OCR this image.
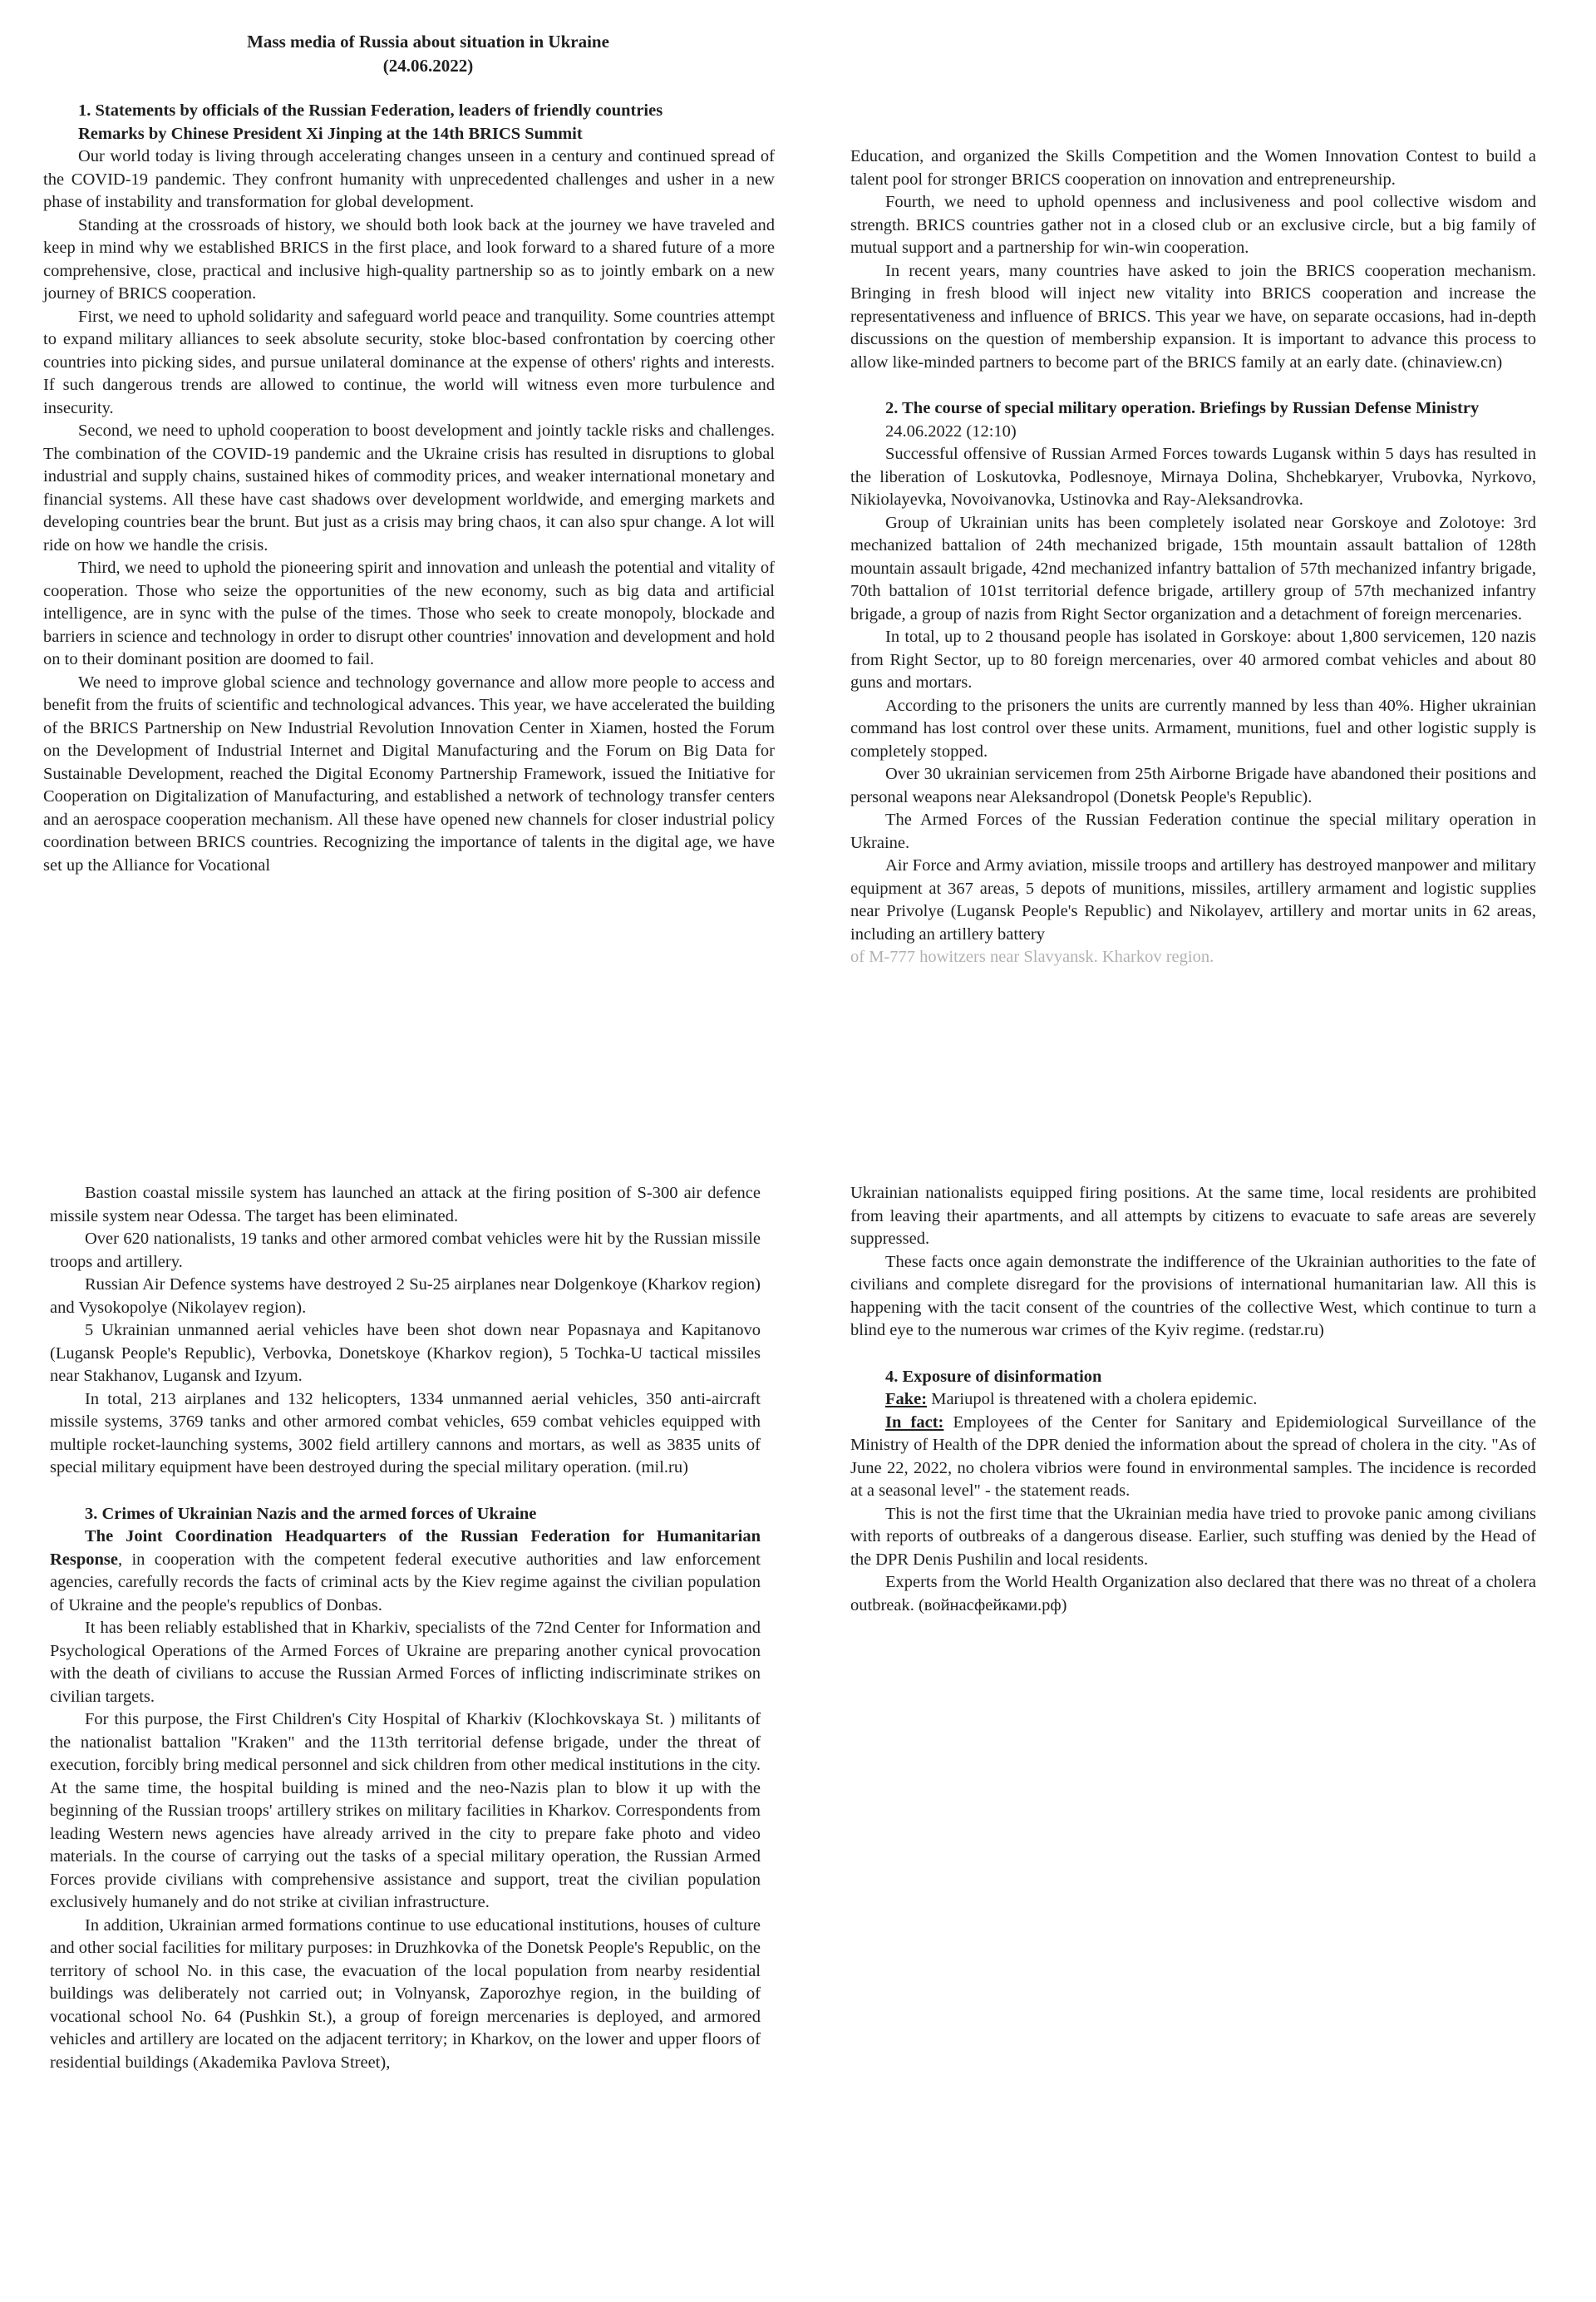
Mass media of Russia about situation in Ukraine
(24.06.2022)
1. Statements by officials of the Russian Federation, leaders of friendly countries
Remarks by Chinese President Xi Jinping at the 14th BRICS Summit

Our world today is living through accelerating changes unseen in a century and continued spread of the COVID-19 pandemic. They confront humanity with unprecedented challenges and usher in a new phase of instability and transformation for global development.

Standing at the crossroads of history, we should both look back at the journey we have traveled and keep in mind why we established BRICS in the first place, and look forward to a shared future of a more comprehensive, close, practical and inclusive high-quality partnership so as to jointly embark on a new journey of BRICS cooperation.

First, we need to uphold solidarity and safeguard world peace and tranquility. Some countries attempt to expand military alliances to seek absolute security, stoke bloc-based confrontation by coercing other countries into picking sides, and pursue unilateral dominance at the expense of others' rights and interests. If such dangerous trends are allowed to continue, the world will witness even more turbulence and insecurity.

Second, we need to uphold cooperation to boost development and jointly tackle risks and challenges. The combination of the COVID-19 pandemic and the Ukraine crisis has resulted in disruptions to global industrial and supply chains, sustained hikes of commodity prices, and weaker international monetary and financial systems. All these have cast shadows over development worldwide, and emerging markets and developing countries bear the brunt. But just as a crisis may bring chaos, it can also spur change. A lot will ride on how we handle the crisis.

Third, we need to uphold the pioneering spirit and innovation and unleash the potential and vitality of cooperation. Those who seize the opportunities of the new economy, such as big data and artificial intelligence, are in sync with the pulse of the times. Those who seek to create monopoly, blockade and barriers in science and technology in order to disrupt other countries' innovation and development and hold on to their dominant position are doomed to fail.

We need to improve global science and technology governance and allow more people to access and benefit from the fruits of scientific and technological advances. This year, we have accelerated the building of the BRICS Partnership on New Industrial Revolution Innovation Center in Xiamen, hosted the Forum on the Development of Industrial Internet and Digital Manufacturing and the Forum on Big Data for Sustainable Development, reached the Digital Economy Partnership Framework, issued the Initiative for Cooperation on Digitalization of Manufacturing, and established a network of technology transfer centers and an aerospace cooperation mechanism. All these have opened new channels for closer industrial policy coordination between BRICS countries. Recognizing the importance of talents in the digital age, we have set up the Alliance for Vocational

Education, and organized the Skills Competition and the Women Innovation Contest to build a talent pool for stronger BRICS cooperation on innovation and entrepreneurship.

Fourth, we need to uphold openness and inclusiveness and pool collective wisdom and strength. BRICS countries gather not in a closed club or an exclusive circle, but a big family of mutual support and a partnership for win-win cooperation.

In recent years, many countries have asked to join the BRICS cooperation mechanism. Bringing in fresh blood will inject new vitality into BRICS cooperation and increase the representativeness and influence of BRICS. This year we have, on separate occasions, had in-depth discussions on the question of membership expansion. It is important to advance this process to allow like-minded partners to become part of the BRICS family at an early date. (chinaview.cn)

2. The course of special military operation. Briefings by Russian Defense Ministry

24.06.2022 (12:10)

Successful offensive of Russian Armed Forces towards Lugansk within 5 days has resulted in the liberation of Loskutovka, Podlesnoye, Mirnaya Dolina, Shchebkaryer, Vrubovka, Nyrkovo, Nikiolayevka, Novoivanovka, Ustinovka and Ray-Aleksandrovka.

Group of Ukrainian units has been completely isolated near Gorskoye and Zolotoye: 3rd mechanized battalion of 24th mechanized brigade, 15th mountain assault battalion of 128th mountain assault brigade, 42nd mechanized infantry battalion of 57th mechanized infantry brigade, 70th battalion of 101st territorial defence brigade, artillery group of 57th mechanized infantry brigade, a group of nazis from Right Sector organization and a detachment of foreign mercenaries.

In total, up to 2 thousand people has isolated in Gorskoye: about 1,800 servicemen, 120 nazis from Right Sector, up to 80 foreign mercenaries, over 40 armored combat vehicles and about 80 guns and mortars.

According to the prisoners the units are currently manned by less than 40%. Higher ukrainian command has lost control over these units. Armament, munitions, fuel and other logistic supply is completely stopped.

Over 30 ukrainian servicemen from 25th Airborne Brigade have abandoned their positions and personal weapons near Aleksandropol (Donetsk People's Republic).

The Armed Forces of the Russian Federation continue the special military operation in Ukraine.

Air Force and Army aviation, missile troops and artillery has destroyed manpower and military equipment at 367 areas, 5 depots of munitions, missiles, artillery armament and logistic supplies near Privolye (Lugansk People's Republic) and Nikolayev, artillery and mortar units in 62 areas, including an artillery battery

of M-777 howitzers near Slavyansk. Kharkov region.

Bastion coastal missile system has launched an attack at the firing position of S-300 air defence missile system near Odessa. The target has been eliminated.

Over 620 nationalists, 19 tanks and other armored combat vehicles were hit by the Russian missile troops and artillery.

Russian Air Defence systems have destroyed 2 Su-25 airplanes near Dolgenkoye (Kharkov region) and Vysokopolye (Nikolayev region).

5 Ukrainian unmanned aerial vehicles have been shot down near Popasnaya and Kapitanovo (Lugansk People's Republic), Verbovka, Donetskoye (Kharkov region), 5 Tochka-U tactical missiles near Stakhanov, Lugansk and Izyum.

In total, 213 airplanes and 132 helicopters, 1334 unmanned aerial vehicles, 350 anti-aircraft missile systems, 3769 tanks and other armored combat vehicles, 659 combat vehicles equipped with multiple rocket-launching systems, 3002 field artillery cannons and mortars, as well as 3835 units of special military equipment have been destroyed during the special military operation. (mil.ru)

3. Crimes of Ukrainian Nazis and the armed forces of Ukraine

The Joint Coordination Headquarters of the Russian Federation for Humanitarian Response, in cooperation with the competent federal executive authorities and law enforcement agencies, carefully records the facts of criminal acts by the Kiev regime against the civilian population of Ukraine and the people's republics of Donbas.

It has been reliably established that in Kharkiv, specialists of the 72nd Center for Information and Psychological Operations of the Armed Forces of Ukraine are preparing another cynical provocation with the death of civilians to accuse the Russian Armed Forces of inflicting indiscriminate strikes on civilian targets.

For this purpose, the First Children's City Hospital of Kharkiv (Klochkovskaya St. ) militants of the nationalist battalion "Kraken" and the 113th territorial defense brigade, under the threat of execution, forcibly bring medical personnel and sick children from other medical institutions in the city. At the same time, the hospital building is mined and the neo-Nazis plan to blow it up with the beginning of the Russian troops' artillery strikes on military facilities in Kharkov. Correspondents from leading Western news agencies have already arrived in the city to prepare fake photo and video materials. In the course of carrying out the tasks of a special military operation, the Russian Armed Forces provide civilians with comprehensive assistance and support, treat the civilian population exclusively humanely and do not strike at civilian infrastructure.

In addition, Ukrainian armed formations continue to use educational institutions, houses of culture and other social facilities for military purposes: in Druzhkovka of the Donetsk People's Republic, on the territory of school No. in this case, the evacuation of the local population from nearby residential buildings was deliberately not carried out; in Volnyansk, Zaporozhye region, in the building of vocational school No. 64 (Pushkin St.), a group of foreign mercenaries is deployed, and armored vehicles and artillery are located on the adjacent territory; in Kharkov, on the lower and upper floors of residential buildings (Akademika Pavlova Street),

Ukrainian nationalists equipped firing positions. At the same time, local residents are prohibited from leaving their apartments, and all attempts by citizens to evacuate to safe areas are severely suppressed.

These facts once again demonstrate the indifference of the Ukrainian authorities to the fate of civilians and complete disregard for the provisions of international humanitarian law. All this is happening with the tacit consent of the countries of the collective West, which continue to turn a blind eye to the numerous war crimes of the Kyiv regime. (redstar.ru)

4. Exposure of disinformation

Fake: Mariupol is threatened with a cholera epidemic.

In fact: Employees of the Center for Sanitary and Epidemiological Surveillance of the Ministry of Health of the DPR denied the information about the spread of cholera in the city. "As of June 22, 2022, no cholera vibrios were found in environmental samples. The incidence is recorded at a seasonal level" - the statement reads.

This is not the first time that the Ukrainian media have tried to provoke panic among civilians with reports of outbreaks of a dangerous disease. Earlier, such stuffing was denied by the Head of the DPR Denis Pushilin and local residents.

Experts from the World Health Organization also declared that there was no threat of a cholera outbreak. (войнасфейками.рф)
